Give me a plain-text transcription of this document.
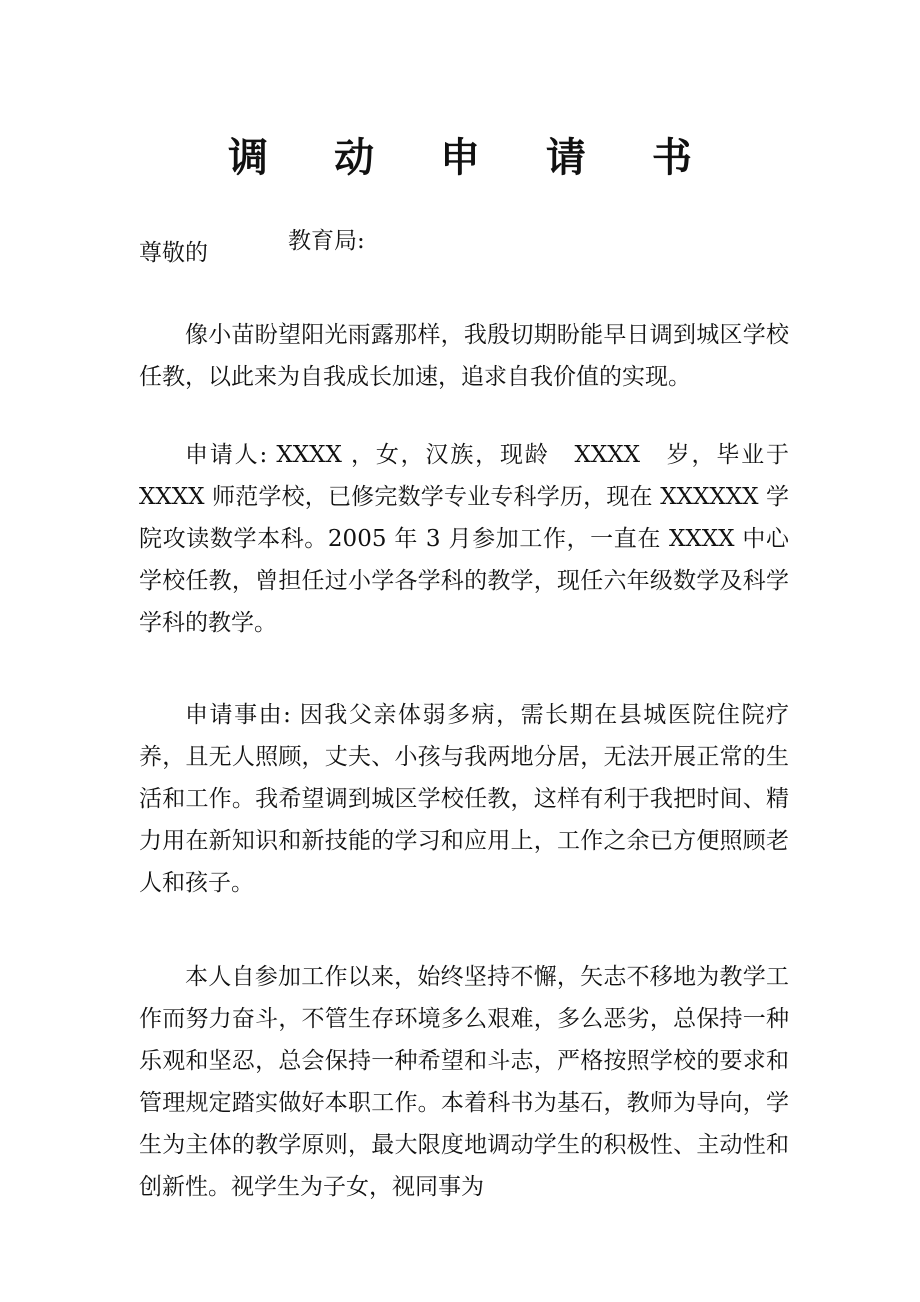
调 动 申 请 书
尊敬的	教育局:

像小苗盼望阳光雨露那样，我殷切期盼能早日调到城区学校任教，以此来为自我成长加速，追求自我价值的实现。

申请人: XXXX ，女，汉族，现龄　XXXX　岁，毕业于 XXXX 师范学校，已修完数学专业专科学历，现在 XXXXXX 学院攻读数学本科。2005 年 3 月参加工作，一直在 XXXX 中心学校任教，曾担任过小学各学科的教学，现任六年级数学及科学学科的教学。

申请事由: 因我父亲体弱多病，需长期在县城医院住院疗养，且无人照顾，丈夫、小孩与我两地分居，无法开展正常的生活和工作。我希望调到城区学校任教，这样有利于我把时间、精力用在新知识和新技能的学习和应用上，工作之余已方便照顾老人和孩子。

本人自参加工作以来，始终坚持不懈，矢志不移地为教学工作而努力奋斗，不管生存环境多么艰难，多么恶劣，总保持一种乐观和坚忍，总会保持一种希望和斗志，严格按照学校的要求和管理规定踏实做好本职工作。本着科书为基石，教师为导向，学生为主体的教学原则，最大限度地调动学生的积极性、主动性和创新性。视学生为子女，视同事为
